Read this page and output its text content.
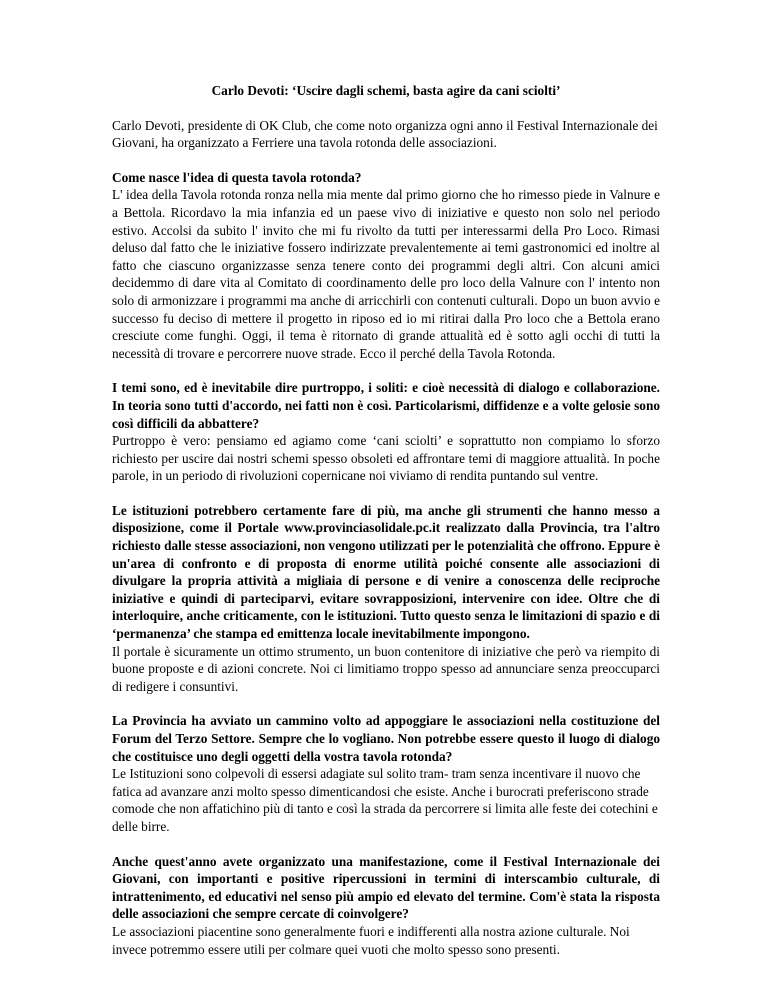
Carlo Devoti: ‘Uscire dagli schemi, basta agire da cani sciolti’

Carlo Devoti, presidente di OK Club, che come noto organizza ogni anno il Festival Internazionale dei Giovani, ha organizzato a Ferriere una tavola rotonda delle associazioni.

Come nasce l'idea di questa tavola rotonda?

L' idea della Tavola rotonda ronza nella mia mente dal primo giorno che ho rimesso piede in Valnure e a Bettola. Ricordavo la mia infanzia ed un paese vivo di iniziative e questo non solo nel periodo estivo. Accolsi da subito l' invito che mi fu rivolto da tutti per interessarmi della Pro Loco. Rimasi deluso dal fatto che le iniziative fossero indirizzate prevalentemente ai temi gastronomici ed inoltre al fatto che ciascuno organizzasse senza tenere conto dei programmi degli altri. Con alcuni amici decidemmo di dare vita al Comitato di coordinamento delle pro loco della Valnure con l' intento non solo di armonizzare i programmi ma anche di arricchirli con contenuti culturali. Dopo un buon avvio e successo fu deciso di mettere il progetto in riposo ed io mi ritirai dalla Pro loco che a Bettola erano cresciute come funghi. Oggi, il tema è ritornato di grande attualità ed è sotto agli occhi di tutti la necessità di trovare e percorrere nuove strade. Ecco il perché della Tavola Rotonda.

I temi sono, ed è inevitabile dire purtroppo, i soliti: e cioè necessità di dialogo e collaborazione. In teoria sono tutti d'accordo, nei fatti non è così. Particolarismi, diffidenze e a volte gelosie sono così difficili da abbattere?

Purtroppo è vero: pensiamo ed agiamo come ‘cani sciolti’ e soprattutto non compiamo lo sforzo richiesto per uscire dai nostri schemi spesso obsoleti ed affrontare temi di maggiore attualità. In poche parole, in un periodo di rivoluzioni copernicane noi viviamo di rendita puntando sul ventre.

Le istituzioni potrebbero certamente fare di più, ma anche gli strumenti che hanno messo a disposizione, come il Portale www.provinciasolidale.pc.it realizzato dalla Provincia, tra l'altro richiesto dalle stesse associazioni, non vengono utilizzati per le potenzialità che offrono. Eppure è un'area di confronto e di proposta di enorme utilità poiché consente alle associazioni di divulgare la propria attività a migliaia di persone e di venire a conoscenza delle reciproche iniziative e quindi di parteciparvi, evitare sovrapposizioni, intervenire con idee. Oltre che di interloquire, anche criticamente, con le istituzioni. Tutto questo senza le limitazioni di spazio e di ‘permanenza’ che stampa ed emittenza locale inevitabilmente impongono.

Il portale è sicuramente un ottimo strumento, un buon contenitore di iniziative che però va riempito di buone proposte e di azioni concrete. Noi ci limitiamo troppo spesso ad annunciare senza preoccuparci di redigere i consuntivi.

La Provincia ha avviato un cammino volto ad appoggiare le associazioni nella costituzione del Forum del Terzo Settore. Sempre che lo vogliano. Non potrebbe essere questo il luogo di dialogo che costituisce uno degli oggetti della vostra tavola rotonda?

Le Istituzioni sono colpevoli di essersi adagiate sul solito tram- tram senza incentivare il nuovo che fatica ad avanzare anzi molto spesso dimenticandosi che esiste. Anche i burocrati preferiscono strade comode che non affatichino più di tanto e così la strada da percorrere si limita alle feste dei cotechini e delle birre.

Anche quest'anno avete organizzato una manifestazione, come il Festival Internazionale dei Giovani, con importanti e positive ripercussioni in termini di interscambio culturale, di intrattenimento, ed educativi nel senso più ampio ed elevato del termine. Com'è stata la risposta delle associazioni che sempre cercate di coinvolgere?

Le associazioni piacentine sono generalmente fuori e indifferenti alla nostra azione culturale. Noi invece potremmo essere utili per colmare quei vuoti che molto spesso sono presenti.
